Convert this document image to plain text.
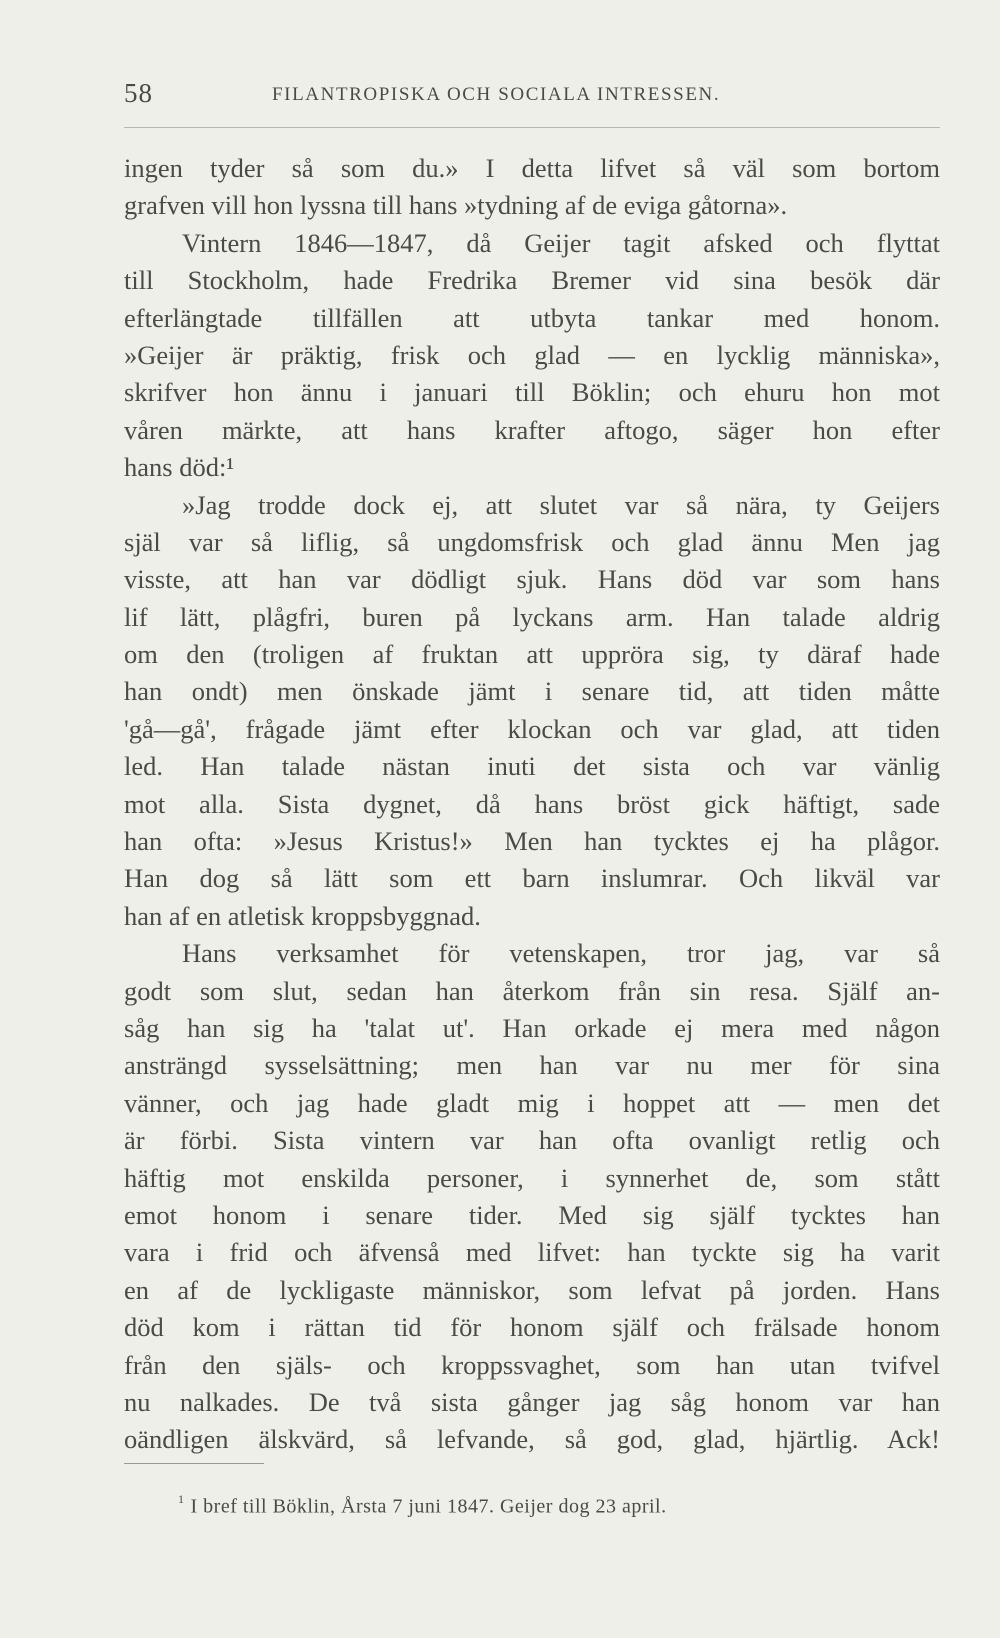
58	FILANTROPISKA OCH SOCIALA INTRESSEN.
ingen tyder så som du.» I detta lifvet så väl som bortom
grafven vill hon lyssna till hans »tydning af de eviga gåtorna».
Vintern 1846—1847, då Geijer tagit afsked och flyttat
till Stockholm, hade Fredrika Bremer vid sina besök där
efterlängtade tillfällen att utbyta tankar med honom.
»Geijer är präktig, frisk och glad — en lycklig människa»,
skrifver hon ännu i januari till Böklin; och ehuru hon mot
våren märkte, att hans krafter aftogo, säger hon efter
hans död:¹
»Jag trodde dock ej, att slutet var så nära, ty Geijers
själ var så liflig, så ungdomsfrisk och glad ännu Men jag
visste, att han var dödligt sjuk. Hans död var som hans
lif lätt, plågfri, buren på lyckans arm. Han talade aldrig
om den (troligen af fruktan att uppröra sig, ty däraf hade
han ondt) men önskade jämt i senare tid, att tiden måtte
'gå—gå', frågade jämt efter klockan och var glad, att tiden
led. Han talade nästan inuti det sista och var vänlig
mot alla. Sista dygnet, då hans bröst gick häftigt, sade
han ofta: »Jesus Kristus!» Men han tycktes ej ha plågor.
Han dog så lätt som ett barn inslumrar. Och likväl var
han af en atletisk kroppsbyggnad.
Hans verksamhet för vetenskapen, tror jag, var så
godt som slut, sedan han återkom från sin resa. Själf an-
såg han sig ha 'talat ut'. Han orkade ej mera med någon
ansträngd sysselsättning; men han var nu mer för sina
vänner, och jag hade gladt mig i hoppet att — men det
är förbi. Sista vintern var han ofta ovanligt retlig och
häftig mot enskilda personer, i synnerhet de, som stått
emot honom i senare tider. Med sig själf tycktes han
vara i frid och äfvenså med lifvet: han tyckte sig ha varit
en af de lyckligaste människor, som lefvat på jorden. Hans
död kom i rättan tid för honom själf och frälsade honom
från den själs- och kroppssvaghet, som han utan tvifvel
nu nalkades. De två sista gånger jag såg honom var han
oändligen älskvärd, så lefvande, så god, glad, hjärtlig. Ack!
$^1$ I bref till Böklin, Årsta 7 juni 1847. Geijer dog 23 april.
